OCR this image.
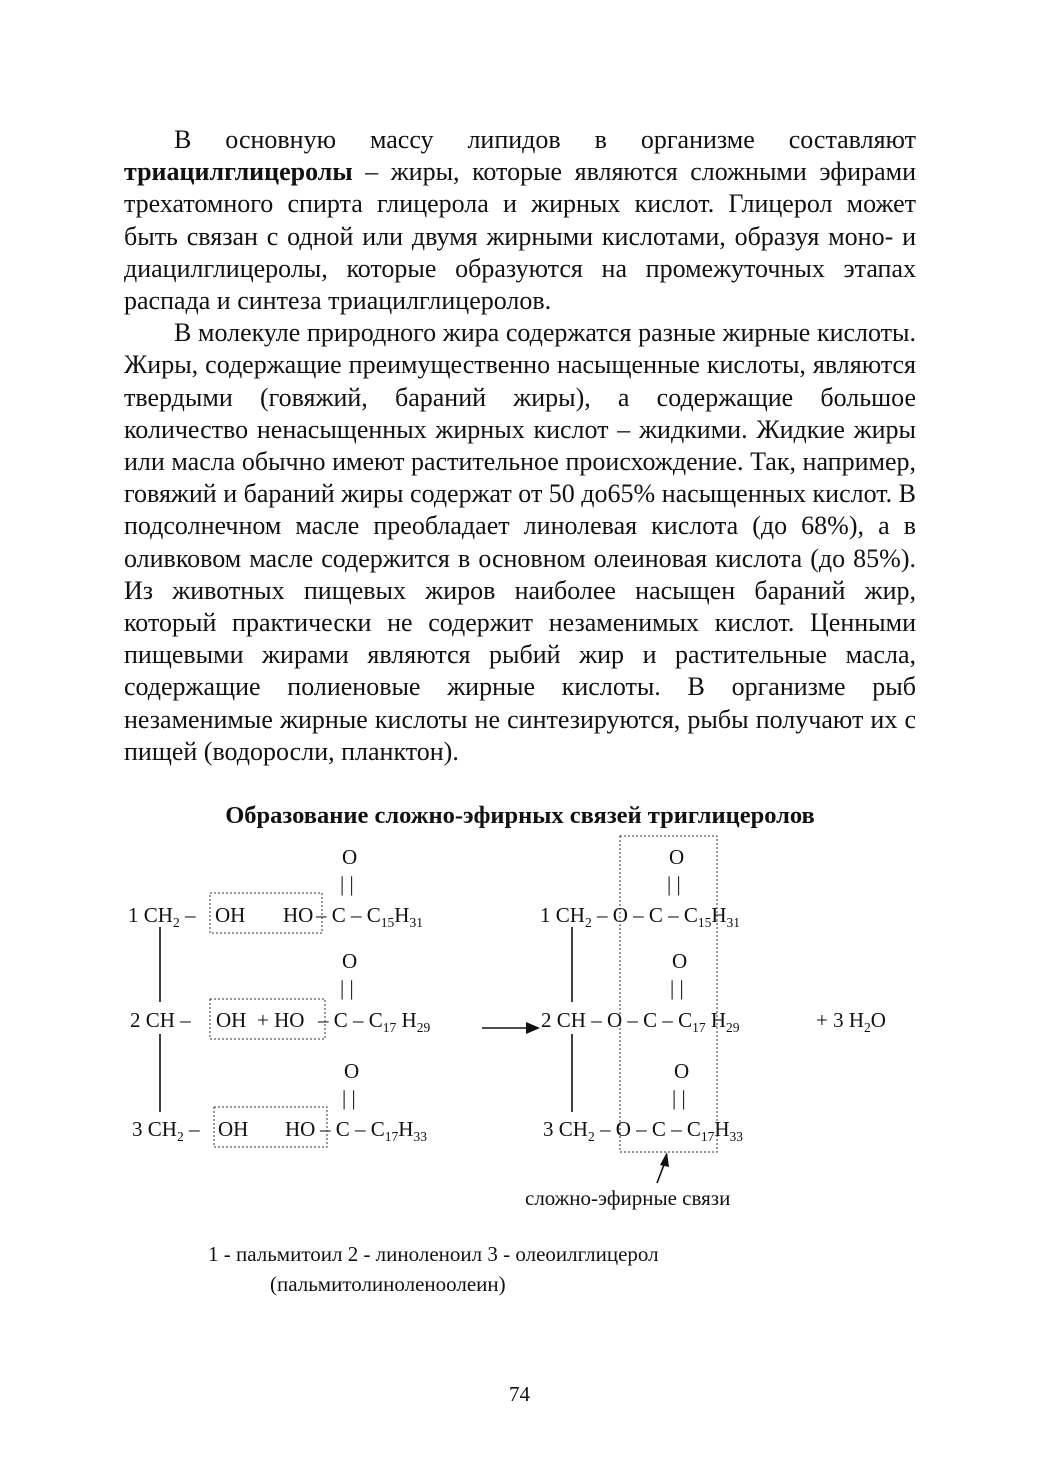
В основную массу липидов в организме составляют триацилглицеролы – жиры, которые являются сложными эфирами трехатомного спирта глицерола и жирных кислот. Глицерол может быть связан с одной или двумя жирными кислотами, образуя моно- и диацилглицеролы, которые образуются на промежуточных этапах распада и синтеза триацилглицеролов.

В молекуле природного жира содержатся разные жирные кислоты. Жиры, содержащие преимущественно насыщенные кислоты, являются твердыми (говяжий, бараний жиры), а содержащие большое количество ненасыщенных жирных кислот – жидкими. Жидкие жиры или масла обычно имеют растительное происхождение. Так, например, говяжий и бараний жиры содержат от 50 до65% насыщенных кислот. В подсолнечном масле преобладает линолевая кислота (до 68%), а в оливковом масле содержится в основном олеиновая кислота (до 85%). Из животных пищевых жиров наиболее насыщен бараний жир, который практически не содержит незаменимых кислот. Ценными пищевыми жирами являются рыбий жир и растительные масла, содержащие полиеновые жирные кислоты. В организме рыб незаменимые жирные кислоты не синтезируются, рыбы получают их с пищей (водоросли, планктон).

Образование сложно-эфирных связей триглицеролов
O
| |
O
| |
O
| |
O
| |
O
| |
O
| |
1 $CH_2$ – OH HO – C – $C_{15}H_{31}$
2 CH – OH + HO – C – $C_{17}$ $H_{29}$
3 $CH_2$ – OH HO – C – $C_{17}H_{33}$
1 $CH_2$ – O – C – $C_{15}H_{31}$
2 CH – O – C – $C_{17}$ $H_{29}$
3 $CH_2$ – O – C – $C_{17}H_{33}$
+ 3 $H_2O$
сложно-эфирные связи
1 - пальмитоил 2 - линоленоил 3 - олеоилглицерол
(пальмитолиноленоолеин)
74
